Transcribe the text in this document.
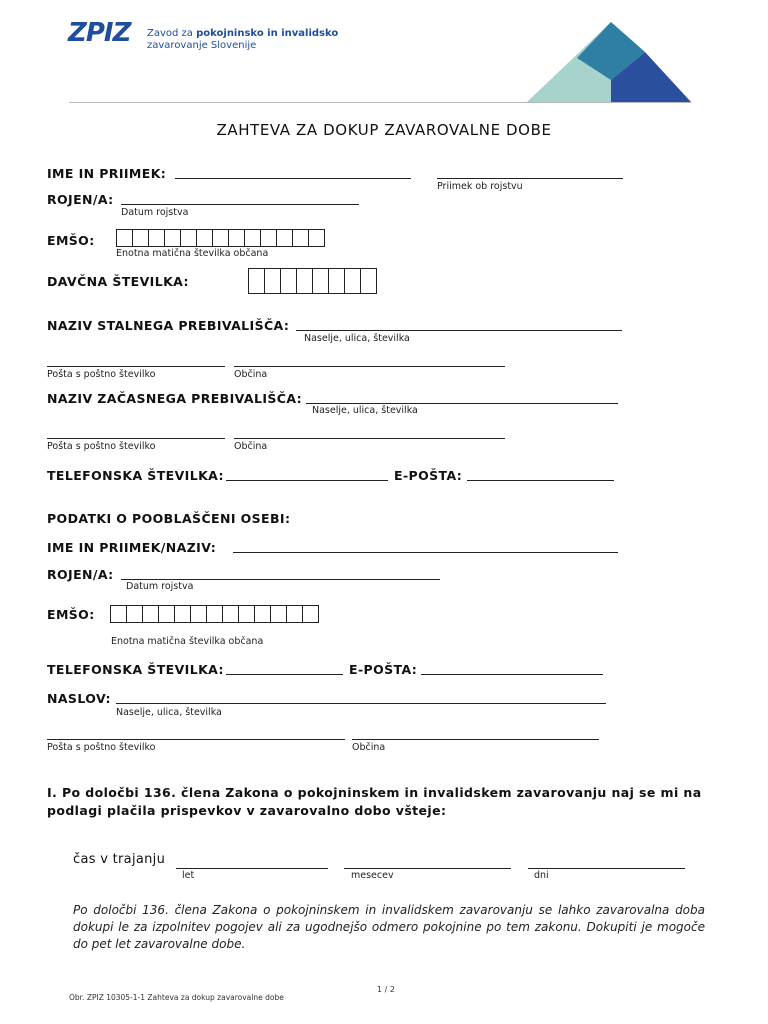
ZPIZ Zavod za pokojninsko in invalidsko
zavarovanje Slovenije
ZAHTEVA ZA DOKUP ZAVAROVALNE DOBE
IME IN PRIIMEK:
Priimek ob rojstvu
ROJEN/A:
Datum rojstva
EMŠO:
Enotna matična številka občana
DAVČNA ŠTEVILKA:
NAZIV STALNEGA PREBIVALIŠČA:
Naselje, ulica, številka
Pošta s poštno številko	Občina
NAZIV ZAČASNEGA PREBIVALIŠČA:
Naselje, ulica, številka
Pošta s poštno številko	Občina
TELEFONSKA ŠTEVILKA:	E-POŠTA:
PODATKI O POOBLAŠČENI OSEBI:
IME IN PRIIMEK/NAZIV:
ROJEN/A:
Datum rojstva
EMŠO:
Enotna matična številka občana
TELEFONSKA ŠTEVILKA:	E-POŠTA:
NASLOV:
Naselje, ulica, številka
Pošta s poštno številko	Občina
I. Po določbi 136. člena Zakona o pokojninskem in invalidskem zavarovanju naj se mi na podlagi plačila prispevkov v zavarovalno dobo všteje:
čas v trajanju
let	mesecev	dni
Po določbi 136. člena Zakona o pokojninskem in invalidskem zavarovanju se lahko zavarovalna doba dokupi le za izpolnitev pogojev ali za ugodnejšo odmero pokojnine po tem zakonu. Dokupiti je mogoče do pet let zavarovalne dobe.
1 / 2
Obr. ZPIZ 10305-1-1 Zahteva za dokup zavarovalne dobe
